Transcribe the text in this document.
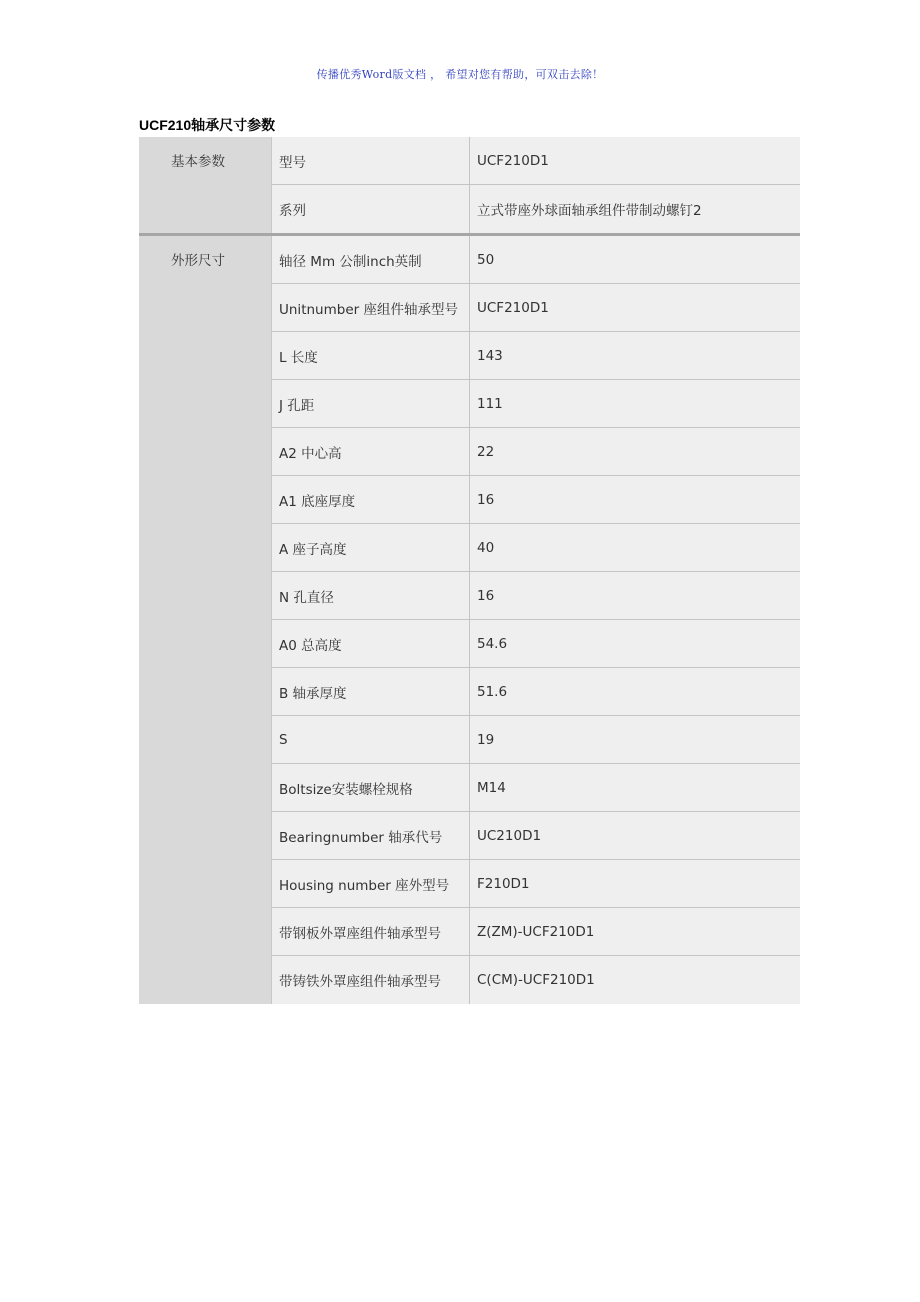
传播优秀Word版文档 ， 希望对您有帮助，可双击去除！
UCF210轴承尺寸参数
基本参数	型号	UCF210D1
系列	立式带座外球面轴承组件带制动螺钉2
外形尺寸	轴径 Mm 公制inch英制	50
Unitnumber 座组件轴承型号	UCF210D1
L 长度	143
J 孔距	111
A2 中心高	22
A1 底座厚度	16
A 座子高度	40
N 孔直径	16
A0 总高度	54.6
B 轴承厚度	51.6
S	19
Boltsize安装螺栓规格	M14
Bearingnumber 轴承代号	UC210D1
Housing number 座外型号	F210D1
带钢板外罩座组件轴承型号	Z(ZM)-UCF210D1
带铸铁外罩座组件轴承型号	C(CM)-UCF210D1
